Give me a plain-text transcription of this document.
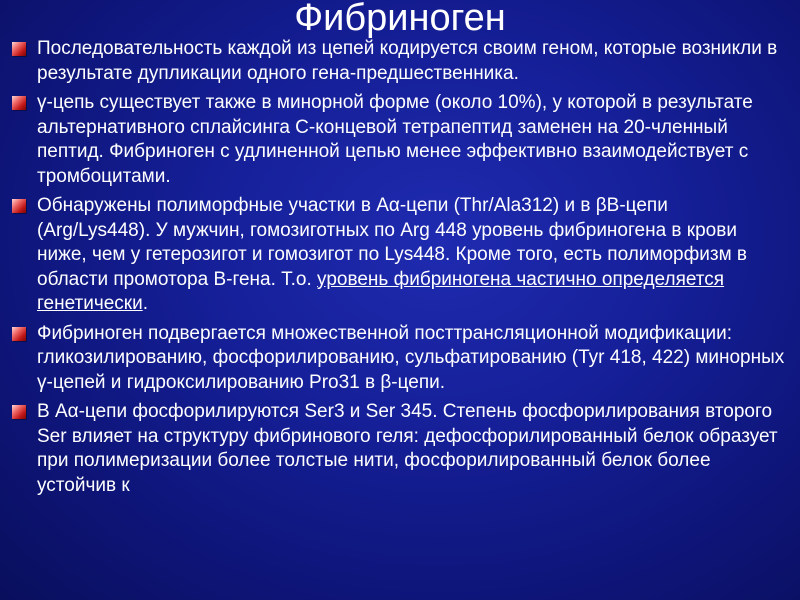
Фибриноген
Последовательность каждой из цепей кодируется своим геном, которые возникли в результате дупликации одного гена-предшественника.
γ-цепь существует также в минорной форме (около 10%), у которой в результате альтернативного сплайсинга С-концевой тетрапептид заменен на 20-членный пептид. Фибриноген с удлиненной цепью менее эффективно взаимодействует с тромбоцитами.
Обнаружены полиморфные участки в Аα-цепи (Thr/Ala312) и в βB-цепи (Arg/Lys448). У мужчин, гомозиготных по Arg 448 уровень фибриногена в крови ниже, чем у гетерозигот и гомозигот по Lys448. Кроме того, есть полиморфизм в области промотора В-гена. Т.о. уровень фибриногена частично определяется генетически.
Фибриноген подвергается множественной посттрансляционной модификации: гликозилированию, фосфорилированию, сульфатированию (Tyr 418, 422) минорных γ-цепей и гидроксилированию Pro31 в β-цепи.
В Аα-цепи фосфорилируются Ser3 и Ser 345. Степень фосфорилирования второго Ser влияет на структуру фибринового геля: дефосфорилированный белок образует при полимеризации более толстые нити, фосфорилированный белок более устойчив к
